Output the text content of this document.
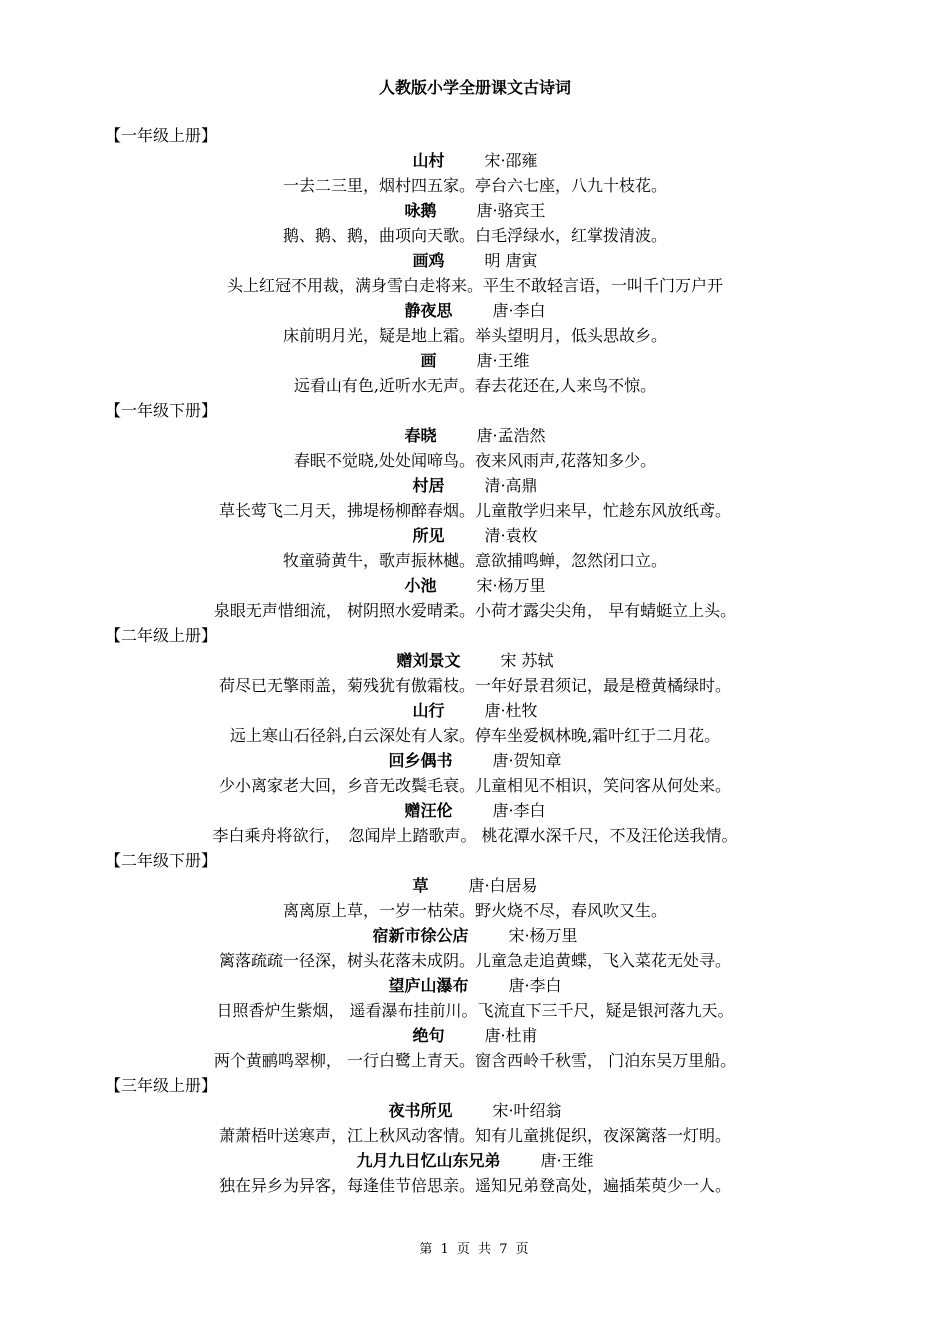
人教版小学全册课文古诗词
【一年级上册】
山村	宋·邵雍
一去二三里，烟村四五家。亭台六七座，八九十枝花。
咏鹅	唐·骆宾王
鹅、鹅、鹅，曲项向天歌。白毛浮绿水，红掌拨清波。
画鸡	明 唐寅
头上红冠不用裁，满身雪白走将来。平生不敢轻言语，一叫千门万户开
静夜思	唐·李白
床前明月光，疑是地上霜。举头望明月，低头思故乡。
画	唐·王维
远看山有色,近听水无声。春去花还在,人来鸟不惊。
【一年级下册】
春晓	唐·孟浩然
春眠不觉晓,处处闻啼鸟。夜来风雨声,花落知多少。
村居	清·高鼎
草长莺飞二月天，拂堤杨柳醉春烟。儿童散学归来早，忙趁东风放纸鸢。
所见	清·袁枚
牧童骑黄牛，歌声振林樾。意欲捕鸣蝉，忽然闭口立。
小池	宋·杨万里
泉眼无声惜细流， 树阴照水爱晴柔。小荷才露尖尖角， 早有蜻蜓立上头。
【二年级上册】
赠刘景文	宋 苏轼
荷尽已无擎雨盖，菊残犹有傲霜枝。一年好景君须记，最是橙黄橘绿时。
山行	唐·杜牧
远上寒山石径斜,白云深处有人家。停车坐爱枫林晚,霜叶红于二月花。
回乡偶书	唐·贺知章
少小离家老大回，乡音无改鬓毛衰。儿童相见不相识，笑问客从何处来。
赠汪伦	唐·李白
李白乘舟将欲行，　忽闻岸上踏歌声。 桃花潭水深千尺，不及汪伦送我情。
【二年级下册】
草	唐·白居易
离离原上草，一岁一枯荣。野火烧不尽，春风吹又生。
宿新市徐公店	宋·杨万里
篱落疏疏一径深，树头花落未成阴。儿童急走追黄蝶，飞入菜花无处寻。
望庐山瀑布	唐·李白
日照香炉生紫烟， 遥看瀑布挂前川。飞流直下三千尺，疑是银河落九天。
绝句	唐·杜甫
两个黄鹂鸣翠柳， 一行白鹭上青天。窗含西岭千秋雪， 门泊东吴万里船。
【三年级上册】
夜书所见	宋·叶绍翁
萧萧梧叶送寒声，江上秋风动客情。知有儿童挑促织，夜深篱落一灯明。
九月九日忆山东兄弟	唐·王维
独在异乡为异客，每逢佳节倍思亲。遥知兄弟登高处，遍插茱萸少一人。
第 1 页 共 7 页
